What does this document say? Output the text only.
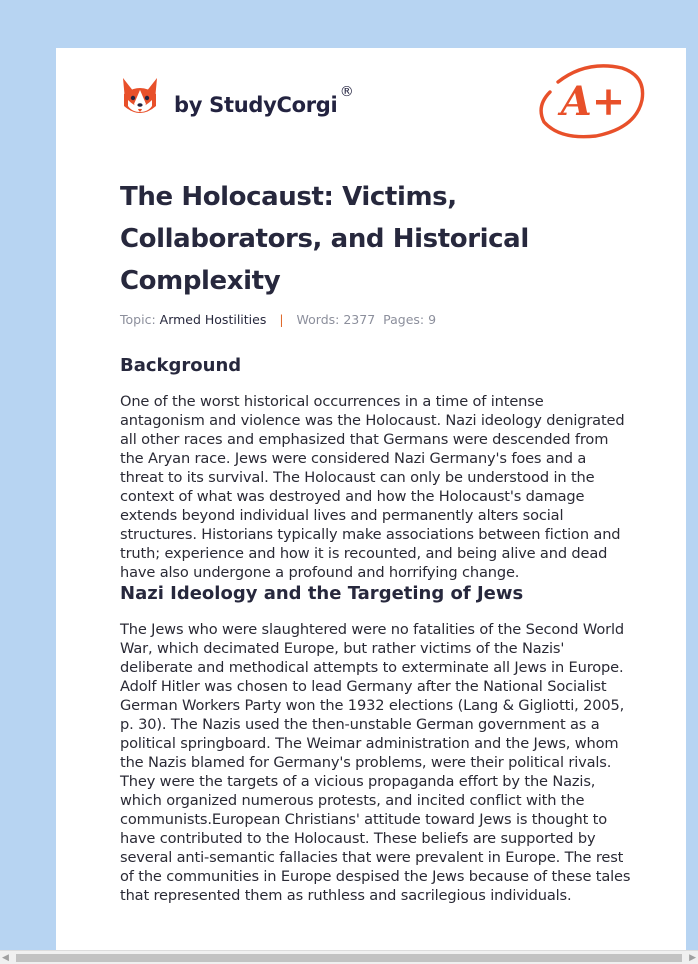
by StudyCorgi
®	A+
The Holocaust: Victims, Collaborators, and Historical Complexity
Topic: Armed Hostilities | Words: 2377 Pages: 9
Background

One of the worst historical occurrences in a time of intense antagonism and violence was the Holocaust. Nazi ideology denigrated all other races and emphasized that Germans were descended from the Aryan race. Jews were considered Nazi Germany's foes and a threat to its survival. The Holocaust can only be understood in the context of what was destroyed and how the Holocaust's damage extends beyond individual lives and permanently alters social structures. Historians typically make associations between fiction and truth; experience and how it is recounted, and being alive and dead have also undergone a profound and horrifying change.

Nazi Ideology and the Targeting of Jews

The Jews who were slaughtered were no fatalities of the Second World War, which decimated Europe, but rather victims of the Nazis' deliberate and methodical attempts to exterminate all Jews in Europe. Adolf Hitler was chosen to lead Germany after the National Socialist German Workers Party won the 1932 elections (Lang & Gigliotti, 2005, p. 30). The Nazis used the then-unstable German government as a political springboard. The Weimar administration and the Jews, whom the Nazis blamed for Germany's problems, were their political rivals. They were the targets of a vicious propaganda effort by the Nazis, which organized numerous protests, and incited conflict with the communists.European Christians' attitude toward Jews is thought to have contributed to the Holocaust. These beliefs are supported by several anti-semantic fallacies that were prevalent in Europe. The rest of the communities in Europe despised the Jews because of these tales that represented them as ruthless and sacrilegious individuals.

◀	▶
